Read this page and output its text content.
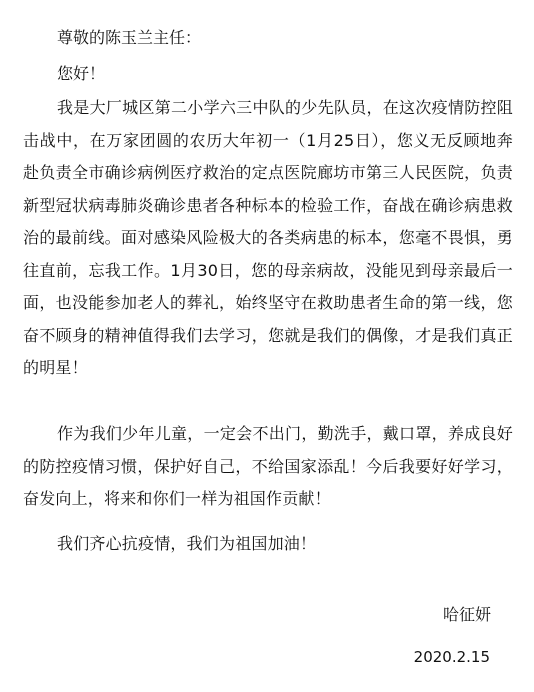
尊敬的陈玉兰主任：
您好！

我是大厂城区第二小学六三中队的少先队员，在这次疫情防控阻击战中，在万家团圆的农历大年初一（1月25日），您义无反顾地奔赴负责全市确诊病例医疗救治的定点医院廊坊市第三人民医院，负责新型冠状病毒肺炎确诊患者各种标本的检验工作，奋战在确诊病患救治的最前线。面对感染风险极大的各类病患的标本，您毫不畏惧，勇往直前，忘我工作。1月30日，您的母亲病故，没能见到母亲最后一面，也没能参加老人的葬礼，始终坚守在救助患者生命的第一线，您奋不顾身的精神值得我们去学习，您就是我们的偶像，才是我们真正的明星！

作为我们少年儿童，一定会不出门，勤洗手，戴口罩，养成良好的防控疫情习惯，保护好自己，不给国家添乱！今后我要好好学习，奋发向上，将来和你们一样为祖国作贡献！

我们齐心抗疫情，我们为祖国加油！

哈征妍
2020.2.15
